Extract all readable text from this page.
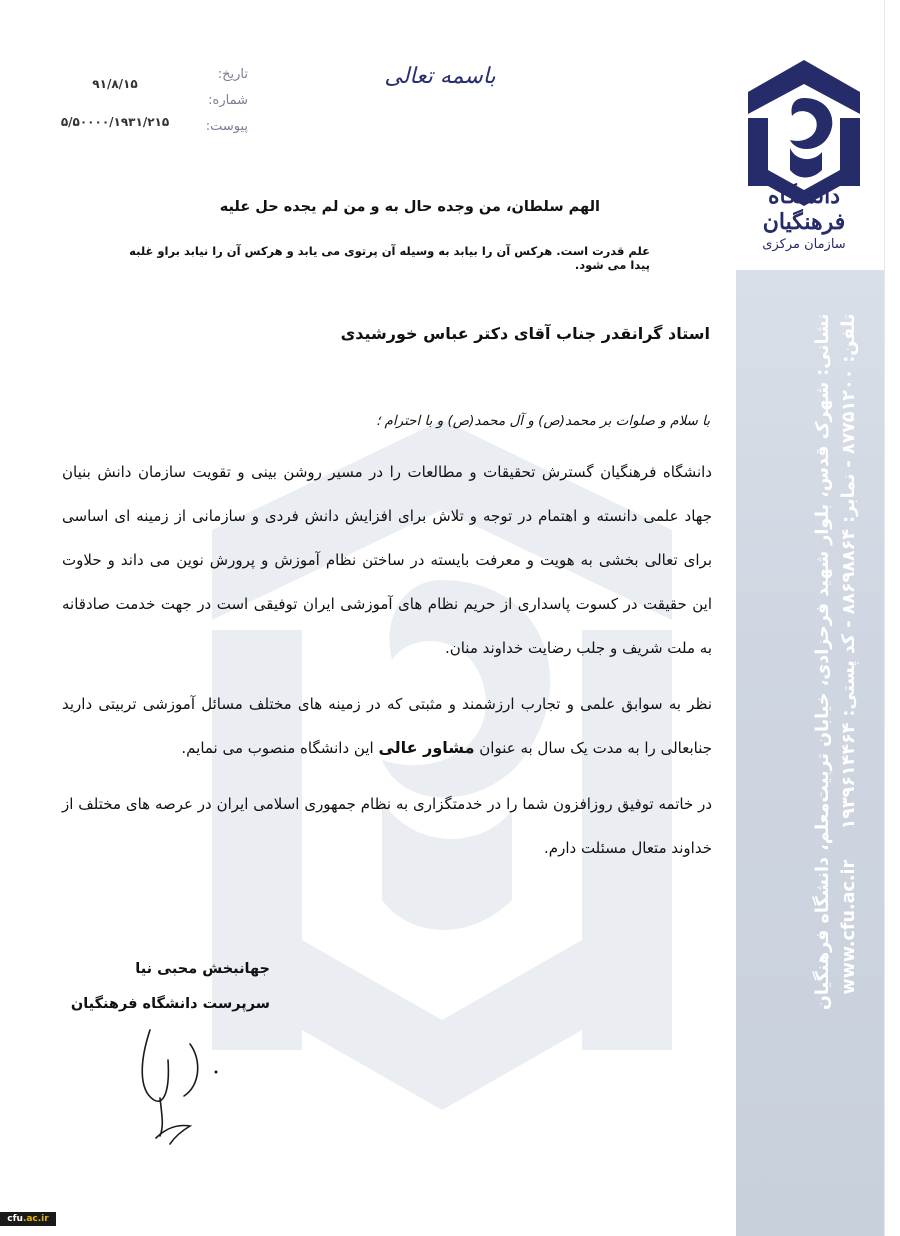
نشانی: شهرک قدس، بلوار شهید فرحزادی، خیابان تربیت‌معلم، دانشگاه فرهنگیان تلفن: ۸۷۷۵۱۲۰۰ - نمابر: ۸۸۶۹۸۸۶۴ - کد پستی: ۱۹۳۹۶۱۴۴۶۴     www.cfu.ac.ir
دانشگاه فرهنگیان
سازمان مرکزی
باسمه تعالی
تاریخ:
شماره:
پیوست:
۹۱/۸/۱۵
۵/۵۰۰۰۰/۱۹۳۱/۲۱۵
الهم سلطان، من وجده حال به و من لم یجده حل علیه
علم قدرت است. هرکس آن را بیابد به وسیله آن پرتوی می یابد و هرکس آن را نیابد براو غلبه پیدا می شود.
استاد گرانقدر جناب آقای دکتر عباس خورشیدی
با سلام و صلوات بر محمد(ص) و آل محمد(ص) و با احترام ؛

دانشگاه فرهنگیان گسترش تحقیقات و مطالعات را در مسیر روشن بینی و تقویت سازمان دانش بنیان جهاد علمی دانسته و اهتمام در توجه و تلاش برای افزایش دانش فردی و سازمانی از زمینه ای اساسی برای تعالی بخشی به هویت و معرفت بایسته در ساختن نظام آموزش و پرورش نوین می داند و حلاوت این حقیقت در کسوت پاسداری از حریم نظام های آموزشی ایران توفیقی است در جهت خدمت صادقانه به ملت شریف و جلب رضایت خداوند منان.

نظر به سوابق علمی و تجارب ارزشمند و مثبتی که در زمینه های مختلف مسائل آموزشی تربیتی دارید جنابعالی را به مدت یک سال به عنوان مشاور عالی این دانشگاه منصوب می نمایم.

در خاتمه توفیق روزافزون شما را در خدمتگزاری به نظام جمهوری اسلامی ایران در عرصه های مختلف از خداوند متعال مسئلت دارم.

جهانبخش محبی نیا
سرپرست دانشگاه فرهنگیان
cfu.ac.ir
